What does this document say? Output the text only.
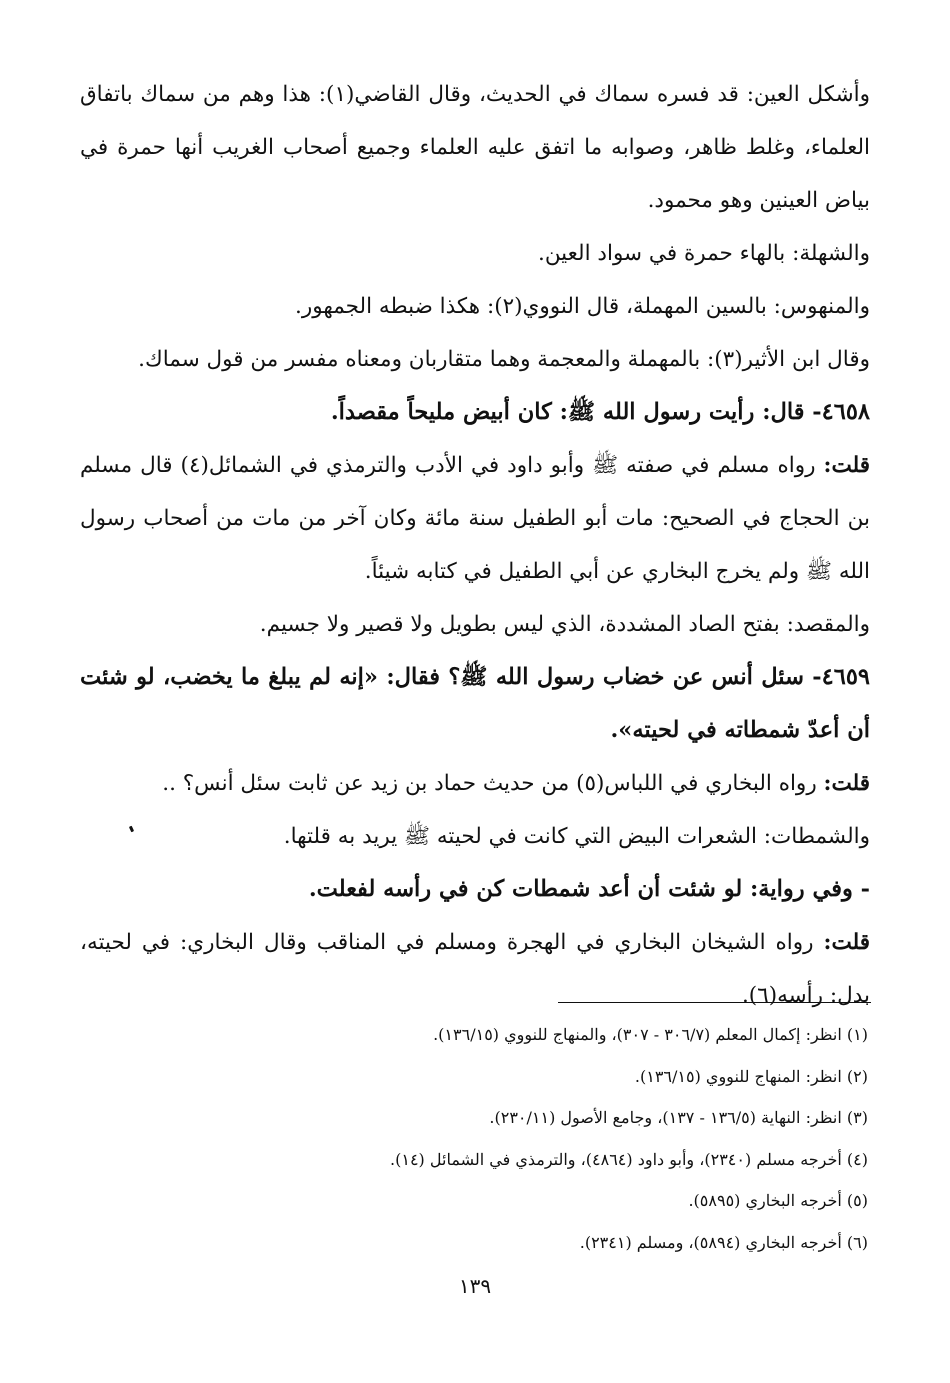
وأشكل العين: قد فسره سماك في الحديث، وقال القاضي(١): هذا وهم من سماك باتفاق العلماء، وغلط ظاهر، وصوابه ما اتفق عليه العلماء وجميع أصحاب الغريب أنها حمرة في بياض العينين وهو محمود.

والشهلة: بالهاء حمرة في سواد العين.

والمنهوس: بالسين المهملة، قال النووي(٢): هكذا ضبطه الجمهور.

وقال ابن الأثير(٣): بالمهملة والمعجمة وهما متقاربان ومعناه مفسر من قول سماك.

٤٦٥٨- قال: رأيت رسول الله ﷺ: كان أبيض مليحاً مقصداً.

قلت: رواه مسلم في صفته ﷺ وأبو داود في الأدب والترمذي في الشمائل(٤) قال مسلم بن الحجاج في الصحيح: مات أبو الطفيل سنة مائة وكان آخر من مات من أصحاب رسول الله ﷺ ولم يخرج البخاري عن أبي الطفيل في كتابه شيئاً.

والمقصد: بفتح الصاد المشددة، الذي ليس بطويل ولا قصير ولا جسيم.

٤٦٥٩- سئل أنس عن خضاب رسول الله ﷺ؟ فقال: «إنه لم يبلغ ما يخضب، لو شئت أن أعدّ شمطاته في لحيته».

قلت: رواه البخاري في اللباس(٥) من حديث حماد بن زيد عن ثابت سئل أنس؟ ..

والشمطات: الشعرات البيض التي كانت في لحيته ﷺ يريد به قلتها.

- وفي رواية: لو شئت أن أعد شمطات كن في رأسه لفعلت.

قلت: رواه الشيخان البخاري في الهجرة ومسلم في المناقب وقال البخاري: في لحيته، بدل: رأسه(٦).

(١) انظر: إكمال المعلم (٣٠٦/٧ - ٣٠٧)، والمنهاج للنووي (١٣٦/١٥).

(٢) انظر: المنهاج للنووي (١٣٦/١٥).

(٣) انظر: النهاية (١٣٦/٥ - ١٣٧)، وجامع الأصول (٢٣٠/١١).

(٤) أخرجه مسلم (٢٣٤٠)، وأبو داود (٤٨٦٤)، والترمذي في الشمائل (١٤).

(٥) أخرجه البخاري (٥٨٩٥).

(٦) أخرجه البخاري (٥٨٩٤)، ومسلم (٢٣٤١).

١٣٩
